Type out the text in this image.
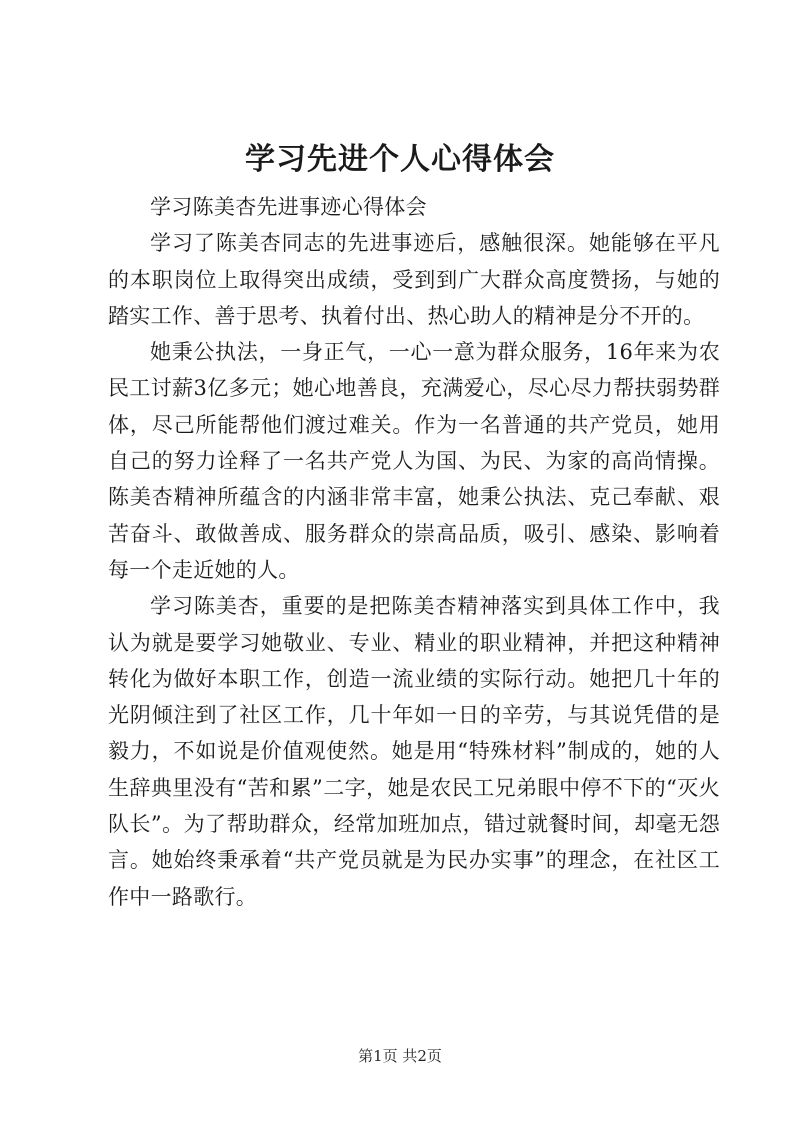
学习先进个人心得体会

学习陈美杏先进事迹心得体会

学习了陈美杏同志的先进事迹后，感触很深。她能够在平凡的本职岗位上取得突出成绩，受到到广大群众高度赞扬，与她的踏实工作、善于思考、执着付出、热心助人的精神是分不开的。

她秉公执法，一身正气，一心一意为群众服务，16年来为农民工讨薪3亿多元；她心地善良，充满爱心，尽心尽力帮扶弱势群体，尽己所能帮他们渡过难关。作为一名普通的共产党员，她用自己的努力诠释了一名共产党人为国、为民、为家的高尚情操。陈美杏精神所蕴含的内涵非常丰富，她秉公执法、克己奉献、艰苦奋斗、敢做善成、服务群众的崇高品质，吸引、感染、影响着每一个走近她的人。

学习陈美杏，重要的是把陈美杏精神落实到具体工作中，我认为就是要学习她敬业、专业、精业的职业精神，并把这种精神转化为做好本职工作，创造一流业绩的实际行动。她把几十年的光阴倾注到了社区工作，几十年如一日的辛劳，与其说凭借的是毅力，不如说是价值观使然。她是用“特殊材料”制成的，她的人生辞典里没有“苦和累”二字，她是农民工兄弟眼中停不下的“灭火队长”。为了帮助群众，经常加班加点，错过就餐时间，却毫无怨言。她始终秉承着“共产党员就是为民办实事”的理念，在社区工作中一路歌行。

第1页 共2页
